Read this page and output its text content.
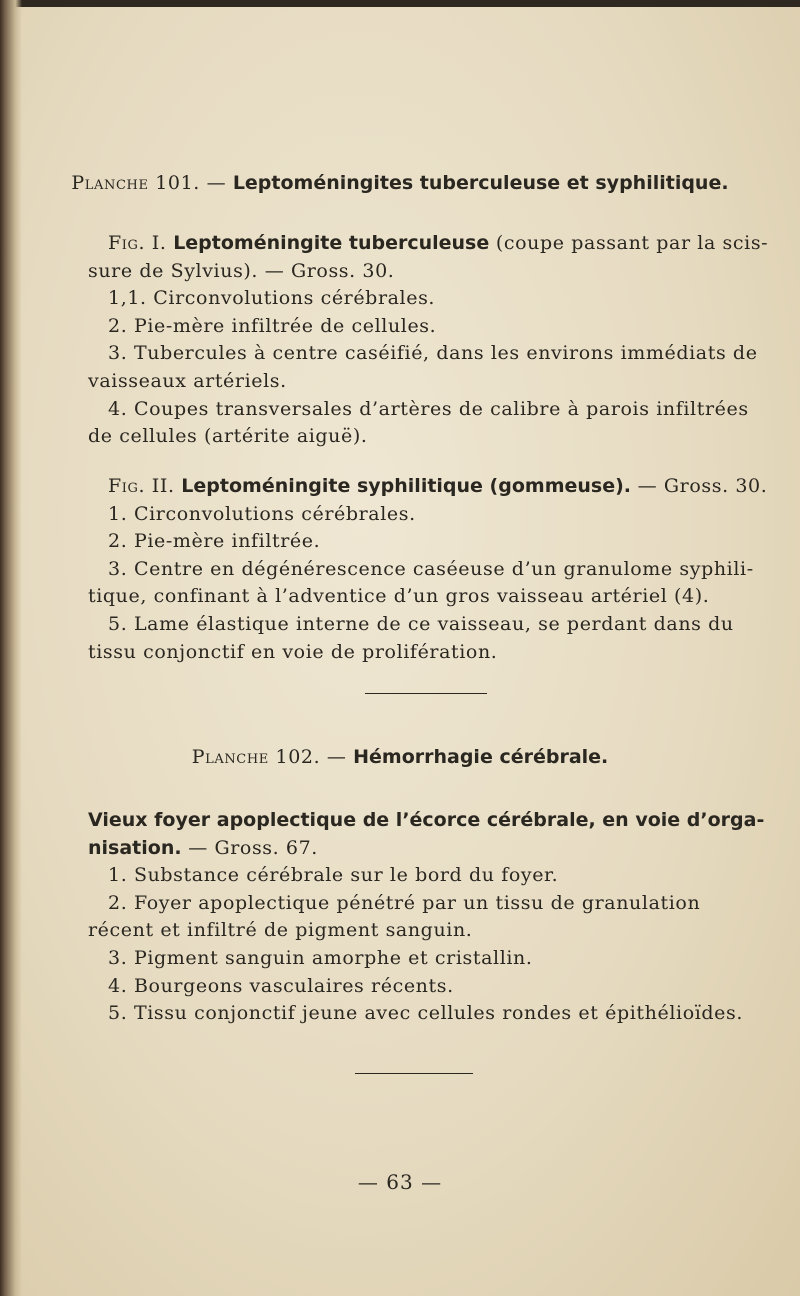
Planche 101. — Leptoméningites tuberculeuse et syphilitique.

Fig. I. Leptoméningite tuberculeuse (coupe passant par la scis-

sure de Sylvius). — Gross. 30.

1,1. Circonvolutions cérébrales.

2. Pie-mère infiltrée de cellules.

3. Tubercules à centre caséifié, dans les environs immédiats de

vaisseaux artériels.

4. Coupes transversales d’artères de calibre à parois infiltrées

de cellules (artérite aiguë).

Fig. II. Leptoméningite syphilitique (gommeuse). — Gross. 30.

1. Circonvolutions cérébrales.

2. Pie-mère infiltrée.

3. Centre en dégénérescence caséeuse d’un granulome syphili-

tique, confinant à l’adventice d’un gros vaisseau artériel (4).

5. Lame élastique interne de ce vaisseau, se perdant dans du

tissu conjonctif en voie de prolifération.

Planche 102. — Hémorrhagie cérébrale.

Vieux foyer apoplectique de l’écorce cérébrale, en voie d’orga-

nisation. — Gross. 67.

1. Substance cérébrale sur le bord du foyer.

2. Foyer apoplectique pénétré par un tissu de granulation

récent et infiltré de pigment sanguin.

3. Pigment sanguin amorphe et cristallin.

4. Bourgeons vasculaires récents.

5. Tissu conjonctif jeune avec cellules rondes et épithélioïdes.

— 63 —
